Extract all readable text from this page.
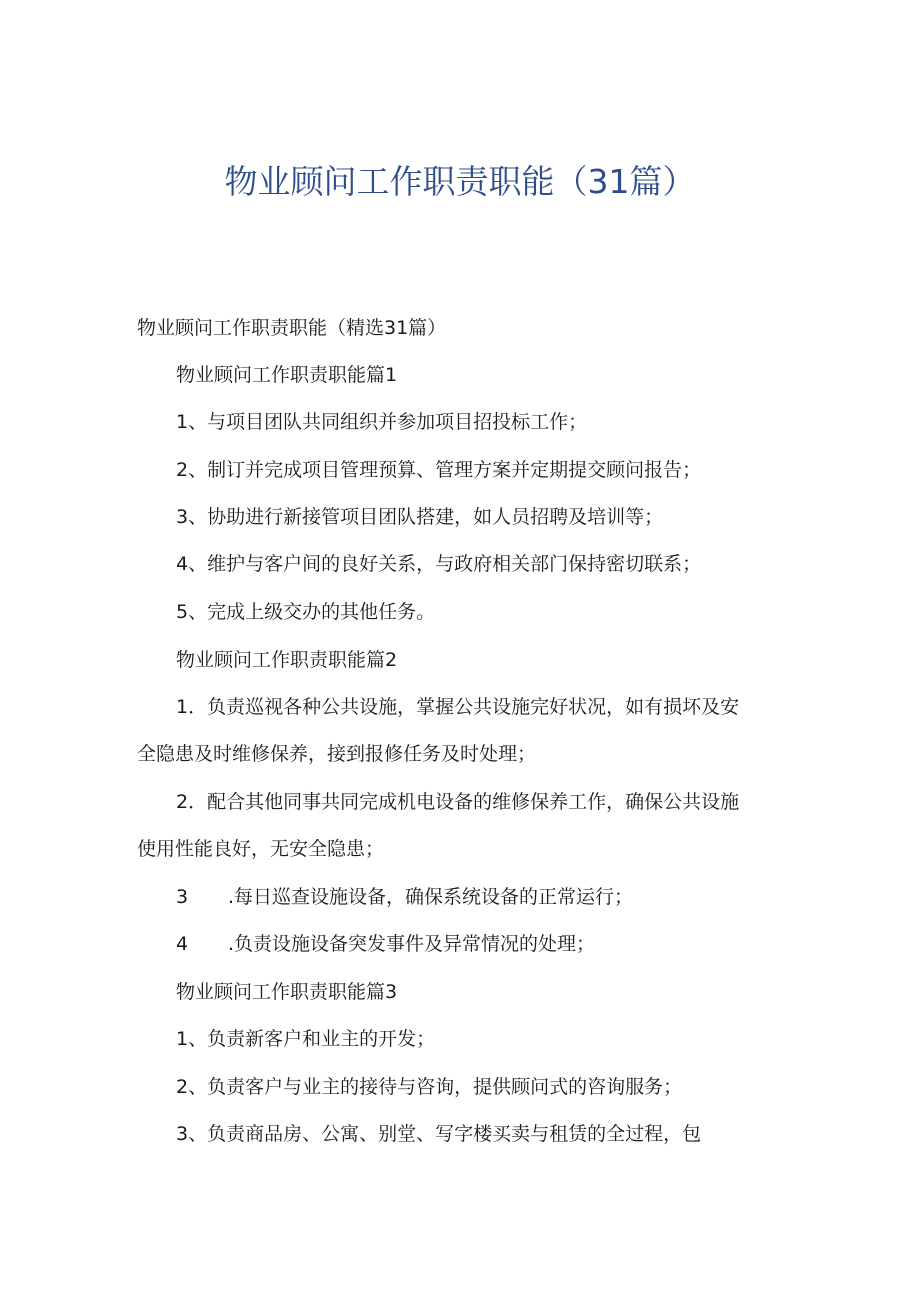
物业顾问工作职责职能（31篇）
物业顾问工作职责职能（精选31篇）
物业顾问工作职责职能篇1
1、与项目团队共同组织并参加项目招投标工作；
2、制订并完成项目管理预算、管理方案并定期提交顾问报告；
3、协助进行新接管项目团队搭建，如人员招聘及培训等；
4、维护与客户间的良好关系，与政府相关部门保持密切联系；
5、完成上级交办的其他任务。
物业顾问工作职责职能篇2
1．负责巡视各种公共设施，掌握公共设施完好状况，如有损坏及安
全隐患及时维修保养，接到报修任务及时处理；
2．配合其他同事共同完成机电设备的维修保养工作，确保公共设施
使用性能良好，无安全隐患；
3 .每日巡查设施设备，确保系统设备的正常运行；
4 .负责设施设备突发事件及异常情况的处理；
物业顾问工作职责职能篇3
1、负责新客户和业主的开发；
2、负责客户与业主的接待与咨询，提供顾问式的咨询服务；
3、负责商品房、公寓、别堂、写字楼买卖与租赁的全过程，包
